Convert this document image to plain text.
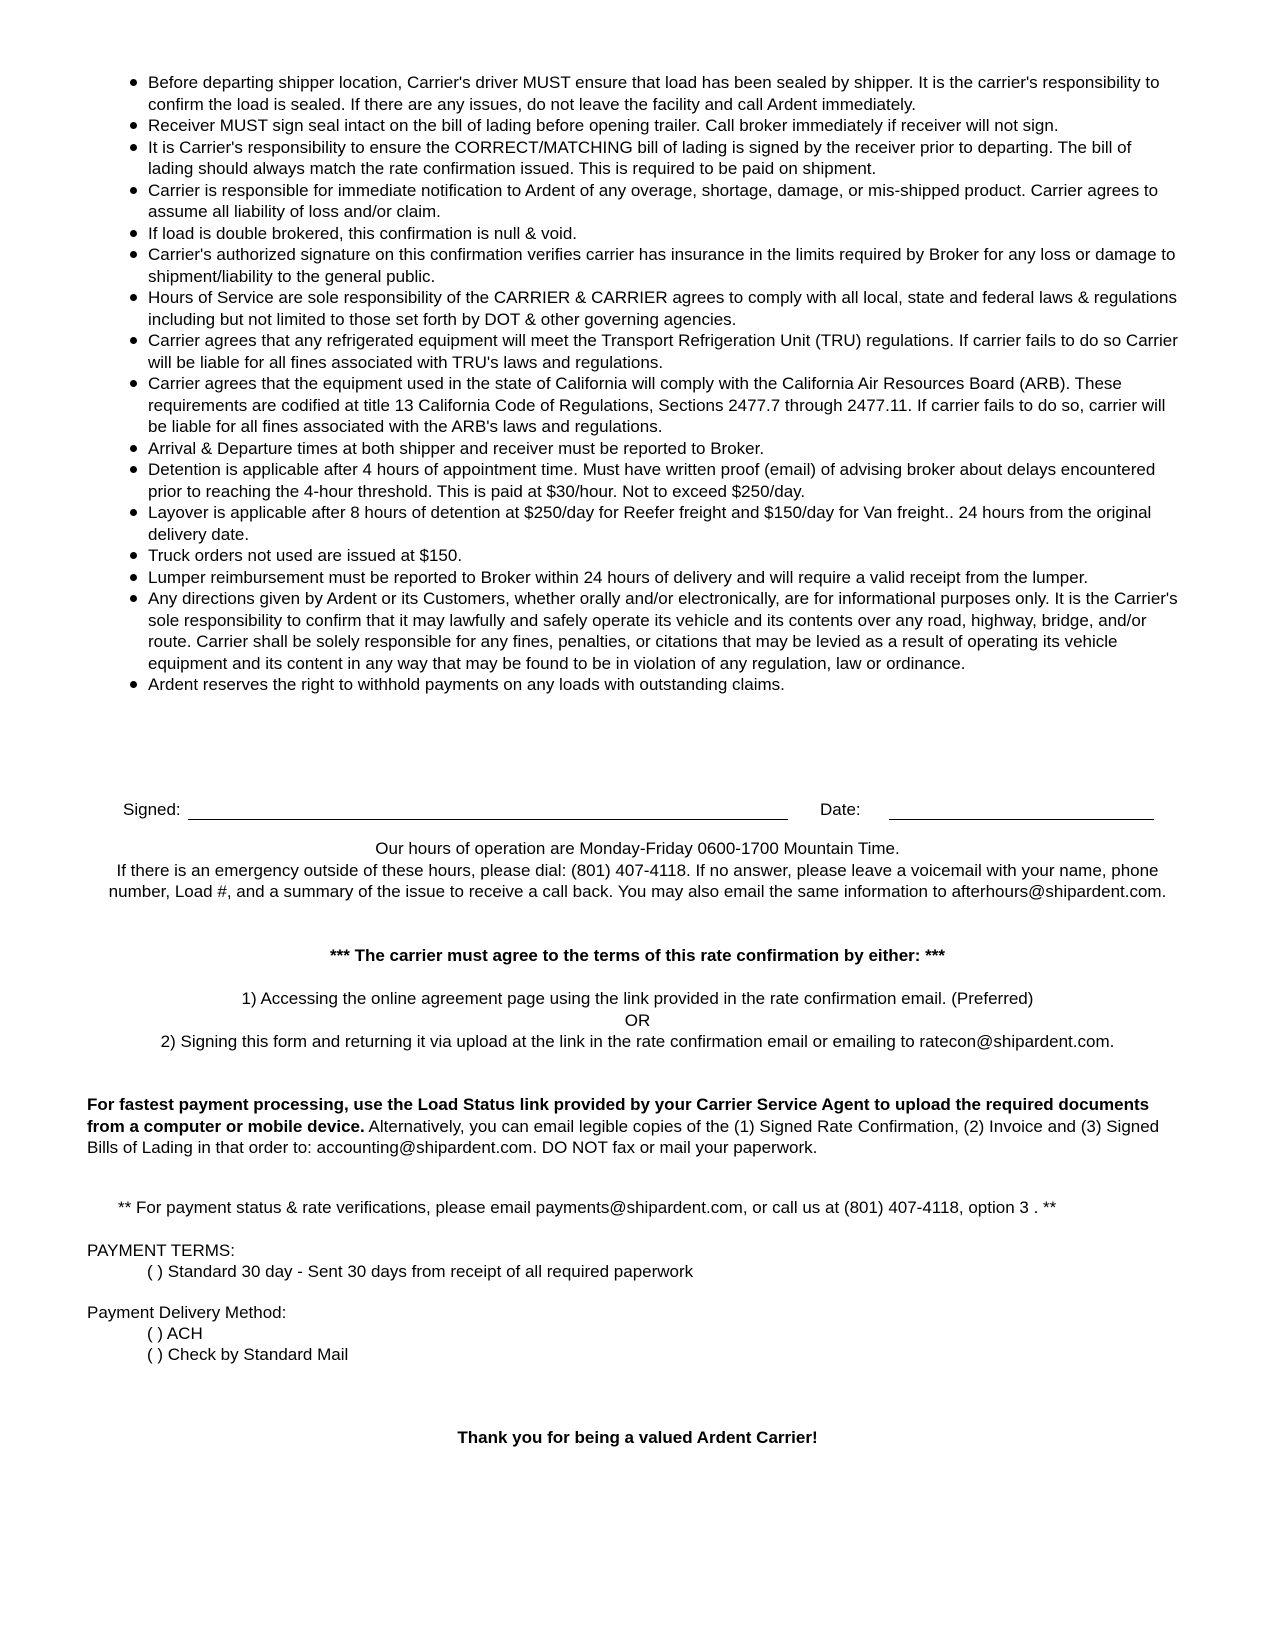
Before departing shipper location, Carrier's driver MUST ensure that load has been sealed by shipper. It is the carrier's responsibility to confirm the load is sealed. If there are any issues, do not leave the facility and call Ardent immediately.
Receiver MUST sign seal intact on the bill of lading before opening trailer. Call broker immediately if receiver will not sign.
It is Carrier's responsibility to ensure the CORRECT/MATCHING bill of lading is signed by the receiver prior to departing. The bill of lading should always match the rate confirmation issued. This is required to be paid on shipment.
Carrier is responsible for immediate notification to Ardent of any overage, shortage, damage, or mis-shipped product. Carrier agrees to assume all liability of loss and/or claim.
If load is double brokered, this confirmation is null & void.
Carrier's authorized signature on this confirmation verifies carrier has insurance in the limits required by Broker for any loss or damage to shipment/liability to the general public.
Hours of Service are sole responsibility of the CARRIER & CARRIER agrees to comply with all local, state and federal laws & regulations including but not limited to those set forth by DOT & other governing agencies.
Carrier agrees that any refrigerated equipment will meet the Transport Refrigeration Unit (TRU) regulations. If carrier fails to do so Carrier will be liable for all fines associated with TRU's laws and regulations.
Carrier agrees that the equipment used in the state of California will comply with the California Air Resources Board (ARB). These requirements are codified at title 13 California Code of Regulations, Sections 2477.7 through 2477.11. If carrier fails to do so, carrier will be liable for all fines associated with the ARB's laws and regulations.
Arrival & Departure times at both shipper and receiver must be reported to Broker.
Detention is applicable after 4 hours of appointment time. Must have written proof (email) of advising broker about delays encountered prior to reaching the 4-hour threshold. This is paid at $30/hour. Not to exceed $250/day.
Layover is applicable after 8 hours of detention at $250/day for Reefer freight and $150/day for Van freight.. 24 hours from the original delivery date.
Truck orders not used are issued at $150.
Lumper reimbursement must be reported to Broker within 24 hours of delivery and will require a valid receipt from the lumper.
Any directions given by Ardent or its Customers, whether orally and/or electronically, are for informational purposes only. It is the Carrier's sole responsibility to confirm that it may lawfully and safely operate its vehicle and its contents over any road, highway, bridge, and/or route. Carrier shall be solely responsible for any fines, penalties, or citations that may be levied as a result of operating its vehicle equipment and its content in any way that may be found to be in violation of any regulation, law or ordinance.
Ardent reserves the right to withhold payments on any loads with outstanding claims.
Signed:	Date:
Our hours of operation are Monday-Friday 0600-1700 Mountain Time.
If there is an emergency outside of these hours, please dial: (801) 407-4118. If no answer, please leave a voicemail with your name, phone number, Load #, and a summary of the issue to receive a call back. You may also email the same information to afterhours@shipardent.com.
*** The carrier must agree to the terms of this rate confirmation by either: ***
1) Accessing the online agreement page using the link provided in the rate confirmation email. (Preferred)
OR
2) Signing this form and returning it via upload at the link in the rate confirmation email or emailing to ratecon@shipardent.com.
For fastest payment processing, use the Load Status link provided by your Carrier Service Agent to upload the required documents from a computer or mobile device. Alternatively, you can email legible copies of the (1) Signed Rate Confirmation, (2) Invoice and (3) Signed Bills of Lading in that order to: accounting@shipardent.com. DO NOT fax or mail your paperwork.
** For payment status & rate verifications, please email payments@shipardent.com, or call us at (801) 407-4118, option 3 . **
PAYMENT TERMS:
( ) Standard 30 day - Sent 30 days from receipt of all required paperwork
Payment Delivery Method:
( ) ACH
( ) Check by Standard Mail
Thank you for being a valued Ardent Carrier!
